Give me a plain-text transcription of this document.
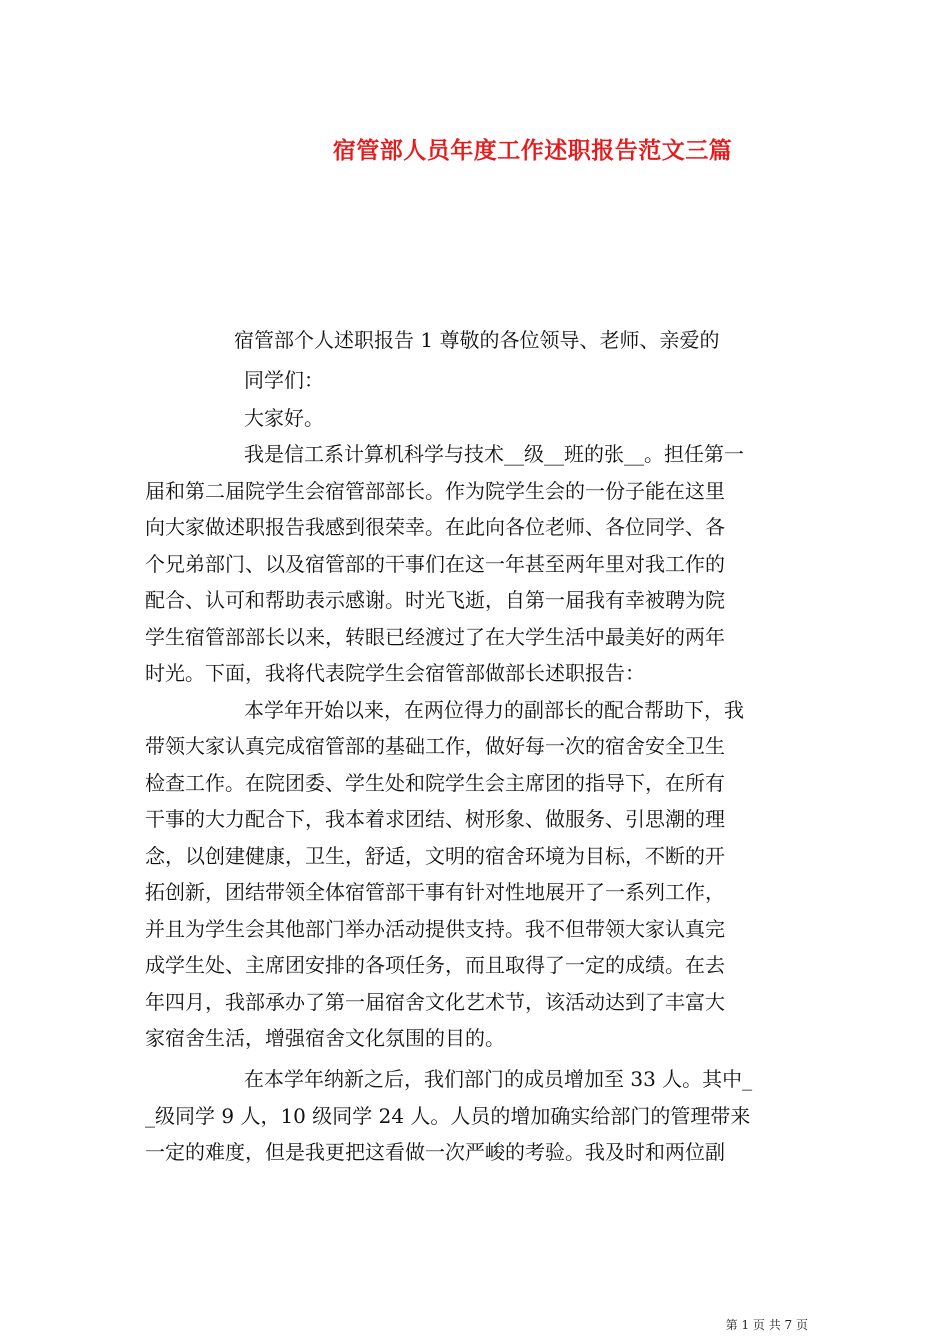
宿管部人员年度工作述职报告范文三篇
宿管部个人述职报告 1 尊敬的各位领导、老师、亲爱的
同学们：
大家好。
我是信工系计算机科学与技术__级__班的张__。担任第一
届和第二届院学生会宿管部部长。作为院学生会的一份子能在这里
向大家做述职报告我感到很荣幸。在此向各位老师、各位同学、各
个兄弟部门、以及宿管部的干事们在这一年甚至两年里对我工作的
配合、认可和帮助表示感谢。时光飞逝，自第一届我有幸被聘为院
学生宿管部部长以来，转眼已经渡过了在大学生活中最美好的两年
时光。下面，我将代表院学生会宿管部做部长述职报告：
本学年开始以来，在两位得力的副部长的配合帮助下，我
带领大家认真完成宿管部的基础工作，做好每一次的宿舍安全卫生
检查工作。在院团委、学生处和院学生会主席团的指导下，在所有
干事的大力配合下，我本着求团结、树形象、做服务、引思潮的理
念，以创建健康，卫生，舒适，文明的宿舍环境为目标，不断的开
拓创新，团结带领全体宿管部干事有针对性地展开了一系列工作，
并且为学生会其他部门举办活动提供支持。我不但带领大家认真完
成学生处、主席团安排的各项任务，而且取得了一定的成绩。在去
年四月，我部承办了第一届宿舍文化艺术节，该活动达到了丰富大
家宿舍生活，增强宿舍文化氛围的目的。
在本学年纳新之后，我们部门的成员增加至 33 人。其中_
_级同学 9 人，10 级同学 24 人。人员的增加确实给部门的管理带来
一定的难度，但是我更把这看做一次严峻的考验。我及时和两位副
第 1 页 共 7 页
